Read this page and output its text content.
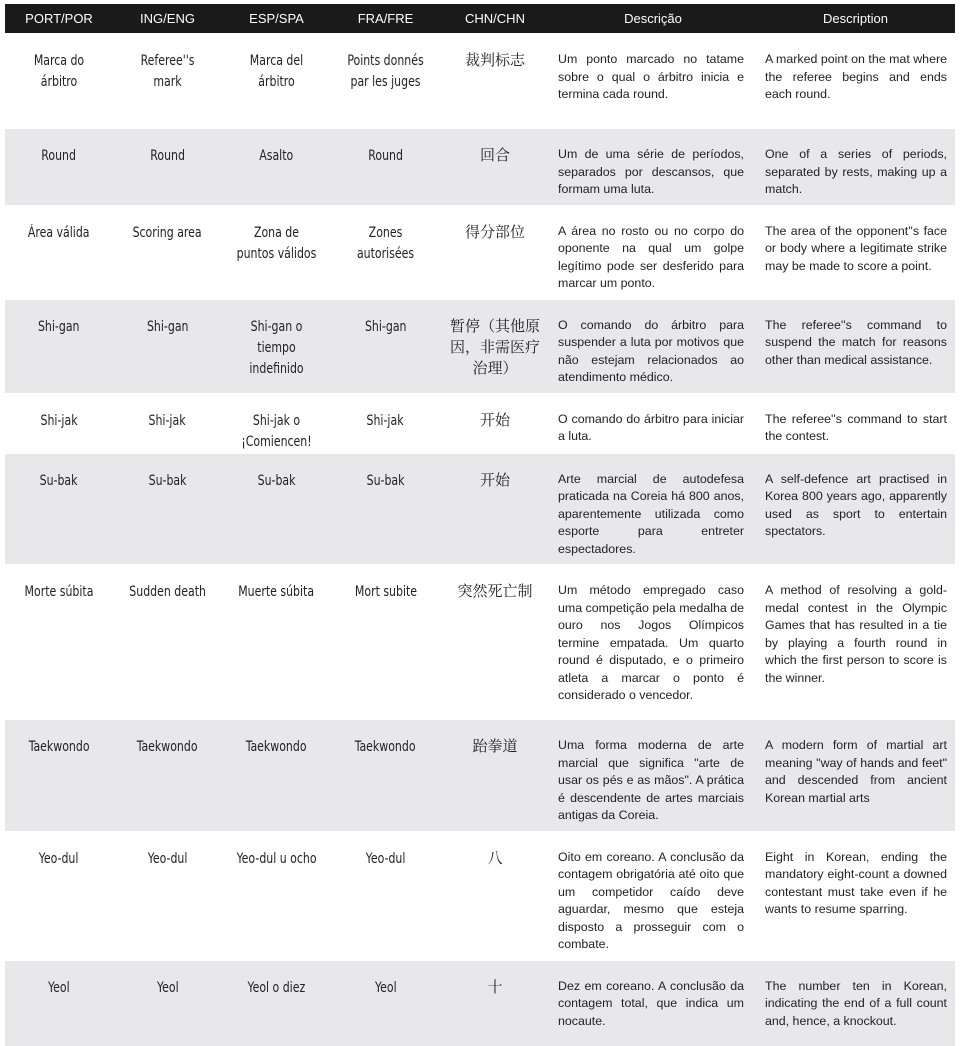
PORT/POR	ING/ENG	ESP/SPA	FRA/FRE	CHN/CHN	Descrição	Description
Marca do árbitro	Referee''s mark	Marca del árbitro	Points donnés par les juges	裁判标志	Um ponto marcado no tatame sobre o qual o árbitro inicia e termina cada round.	A marked point on the mat where the referee begins and ends each round.
Round	Round	Asalto	Round	回合	Um de uma série de períodos, separados por descansos, que formam uma luta.	One of a series of periods, separated by rests, making up a match.
Área válida	Scoring area	Zona de puntos válidos	Zones autorisées	得分部位	A área no rosto ou no corpo do oponente na qual um golpe legítimo pode ser desferido para marcar um ponto.	The area of the opponent''s face or body where a legitimate strike may be made to score a point.
Shi-gan	Shi-gan	Shi-gan o tiempo indefinido	Shi-gan	暂停（其他原因，非需医疗治理）	O comando do árbitro para suspender a luta por motivos que não estejam relacionados ao atendimento médico.	The referee''s command to suspend the match for reasons other than medical assistance.
Shi-jak	Shi-jak	Shi-jak o ¡Comiencen!	Shi-jak	开始	O comando do árbitro para iniciar a luta.	The referee''s command to start the contest.
Su-bak	Su-bak	Su-bak	Su-bak	开始	Arte marcial de autodefesa praticada na Coreia há 800 anos, aparentemente utilizada como esporte para entreter espectadores.	A self-defence art practised in Korea 800 years ago, apparently used as sport to entertain spectators.
Morte súbita	Sudden death	Muerte súbita	Mort subite	突然死亡制	Um método empregado caso uma competição pela medalha de ouro nos Jogos Olímpicos termine empatada. Um quarto round é disputado, e o primeiro atleta a marcar o ponto é considerado o vencedor.	A method of resolving a gold-medal contest in the Olympic Games that has resulted in a tie by playing a fourth round in which the first person to score is the winner.
Taekwondo	Taekwondo	Taekwondo	Taekwondo	跆拳道	Uma forma moderna de arte marcial que significa "arte de usar os pés e as mãos". A prática é descendente de artes marciais antigas da Coreia.	A modern form of martial art meaning "way of hands and feet" and descended from ancient Korean martial arts
Yeo-dul	Yeo-dul	Yeo-dul u ocho	Yeo-dul	八	Oito em coreano. A conclusão da contagem obrigatória até oito que um competidor caído deve aguardar, mesmo que esteja disposto a prosseguir com o combate.	Eight in Korean, ending the mandatory eight-count a downed contestant must take even if he wants to resume sparring.
Yeol	Yeol	Yeol o diez	Yeol	十	Dez em coreano. A conclusão da contagem total, que indica um nocaute.	The number ten in Korean, indicating the end of a full count and, hence, a knockout.
